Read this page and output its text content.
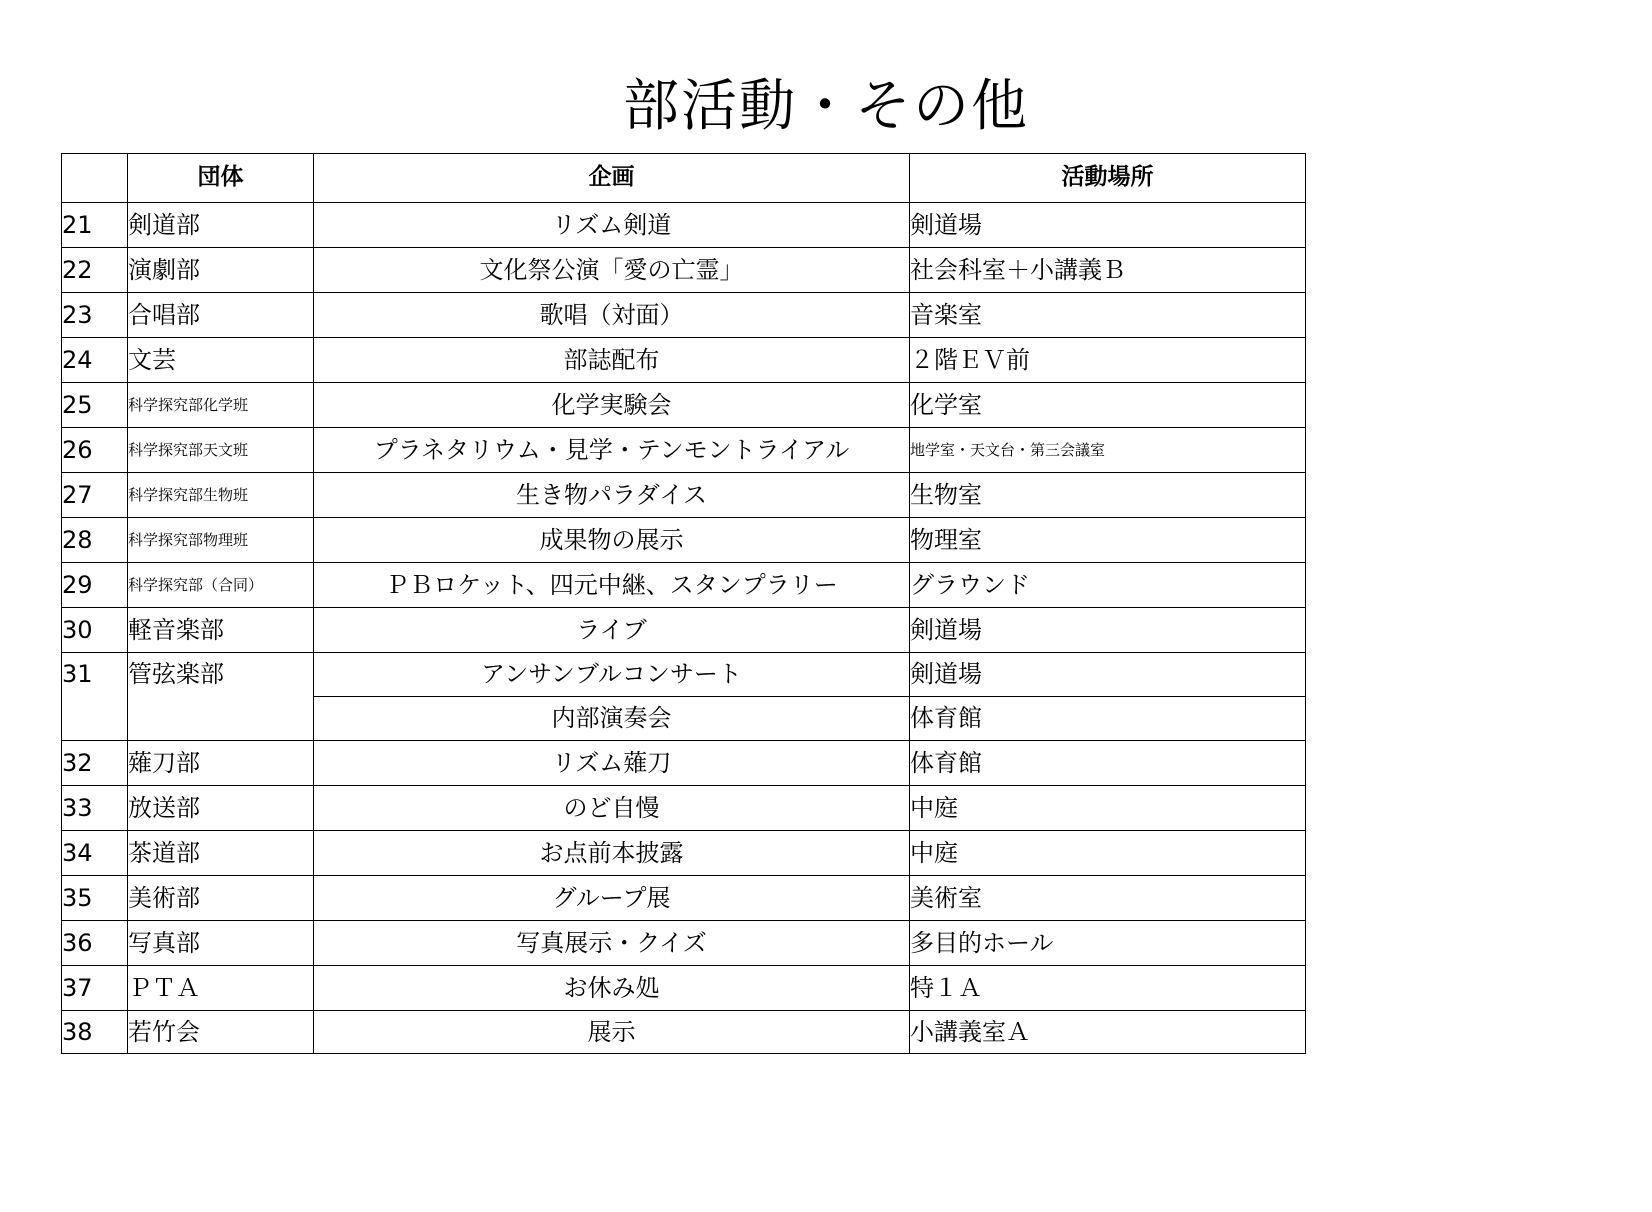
部活動・その他
	団体	企画	活動場所
21	剣道部	リズム剣道	剣道場
22	演劇部	文化祭公演「愛の亡霊」	社会科室＋小講義Ｂ
23	合唱部	歌唱（対面）	音楽室
24	文芸	部誌配布	２階ＥＶ前
25	科学探究部化学班	化学実験会	化学室
26	科学探究部天文班	プラネタリウム・見学・テンモントライアル	地学室・天文台・第三会議室
27	科学探究部生物班	生き物パラダイス	生物室
28	科学探究部物理班	成果物の展示	物理室
29	科学探究部（合同）	ＰＢロケット、四元中継、スタンプラリー	グラウンド
30	軽音楽部	ライブ	剣道場
31	管弦楽部	アンサンブルコンサート	剣道場
		内部演奏会	体育館
32	薙刀部	リズム薙刀	体育館
33	放送部	のど自慢	中庭
34	茶道部	お点前本披露	中庭
35	美術部	グループ展	美術室
36	写真部	写真展示・クイズ	多目的ホール
37	ＰＴＡ	お休み処	特１Ａ
38	若竹会	展示	小講義室Ａ
